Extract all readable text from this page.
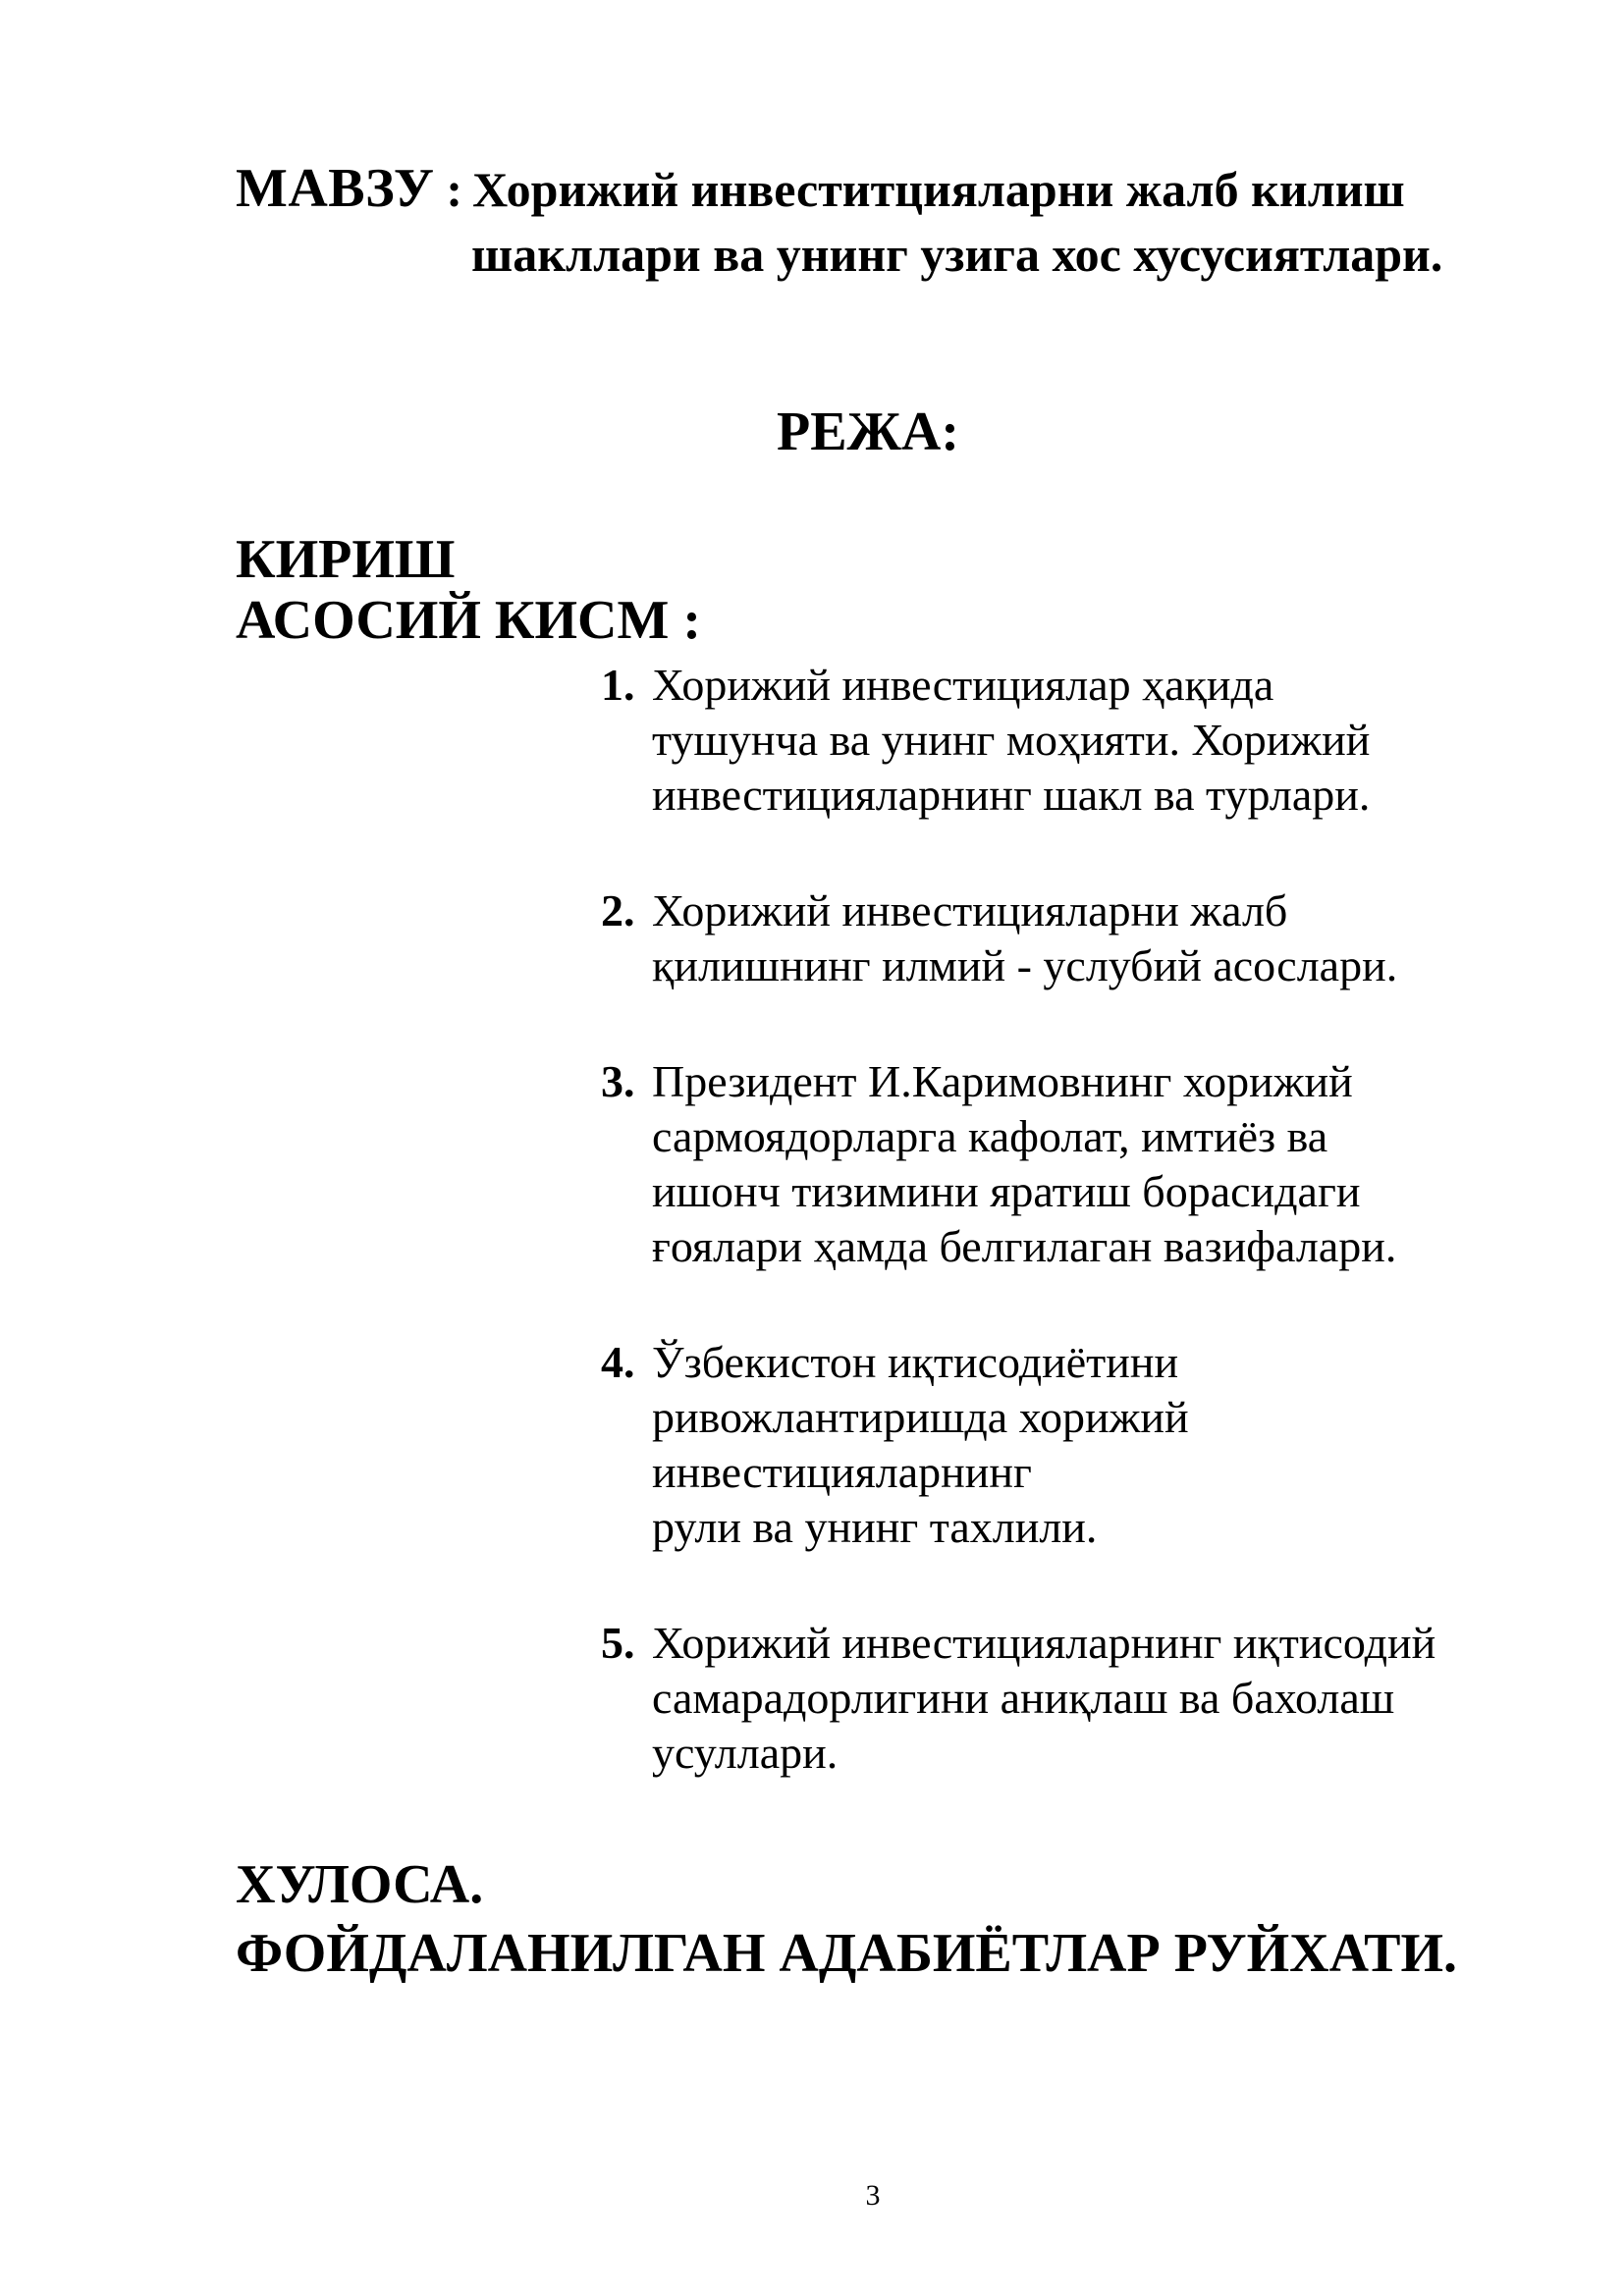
МАВЗУ : Хорижий инвеститцияларни жалб килиш
шакллари ва унинг узига хос хусусиятлари.
РЕЖА:
КИРИШ
АСОСИЙ КИСМ :
1. Хорижий инвестициялар ҳақида
тушунча ва унинг моҳияти. Хорижий
инвестицияларнинг шакл ва турлари.
2. Хорижий инвестицияларни жалб
қилишнинг илмий - услубий асослари.
3. Президент И.Каримовнинг хорижий
сармоядорларга кафолат, имтиёз ва
ишонч тизимини яратиш борасидаги
ғоялари ҳамда белгилаган вазифалари.
4. Ўзбекистон иқтисодиётини
ривожлантиришда хорижий
инвестицияларнинг
рули ва унинг тахлили.
5. Хорижий инвестицияларнинг иқтисодий
самарадорлигини аниқлаш ва бахолаш
усуллари.
ХУЛОСА.
ФОЙДАЛАНИЛГАН АДАБИЁТЛАР РУЙХАТИ.
3
